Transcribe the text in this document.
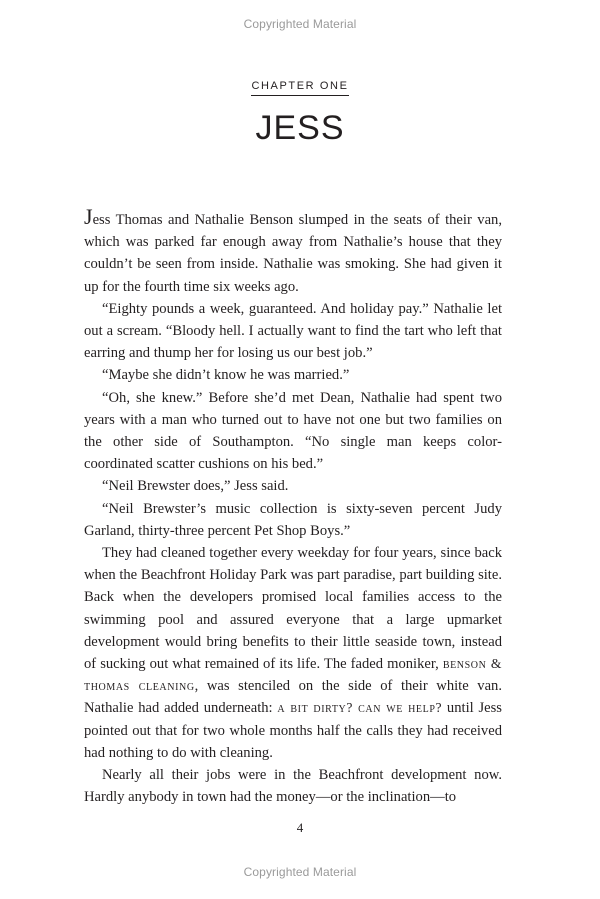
Copyrighted Material
CHAPTER ONE
JESS

Jess Thomas and Nathalie Benson slumped in the seats of their van, which was parked far enough away from Nathalie’s house that they couldn’t be seen from inside. Nathalie was smoking. She had given it up for the fourth time six weeks ago.

“Eighty pounds a week, guaranteed. And holiday pay.” Nathalie let out a scream. “Bloody hell. I actually want to find the tart who left that earring and thump her for losing us our best job.”

“Maybe she didn’t know he was married.”

“Oh, she knew.” Before she’d met Dean, Nathalie had spent two years with a man who turned out to have not one but two families on the other side of Southampton. “No single man keeps color-coordinated scatter cushions on his bed.”

“Neil Brewster does,” Jess said.

“Neil Brewster’s music collection is sixty-seven percent Judy Garland, thirty-three percent Pet Shop Boys.”

They had cleaned together every weekday for four years, since back when the Beachfront Holiday Park was part paradise, part building site. Back when the developers promised local families access to the swimming pool and assured everyone that a large upmarket development would bring benefits to their little seaside town, instead of sucking out what remained of its life. The faded moniker, benson & thomas cleaning, was stenciled on the side of their white van. Nathalie had added underneath: a bit dirty? can we help? until Jess pointed out that for two whole months half the calls they had received had nothing to do with cleaning.

Nearly all their jobs were in the Beachfront development now. Hardly anybody in town had the money—or the inclination—to

4
Copyrighted Material
